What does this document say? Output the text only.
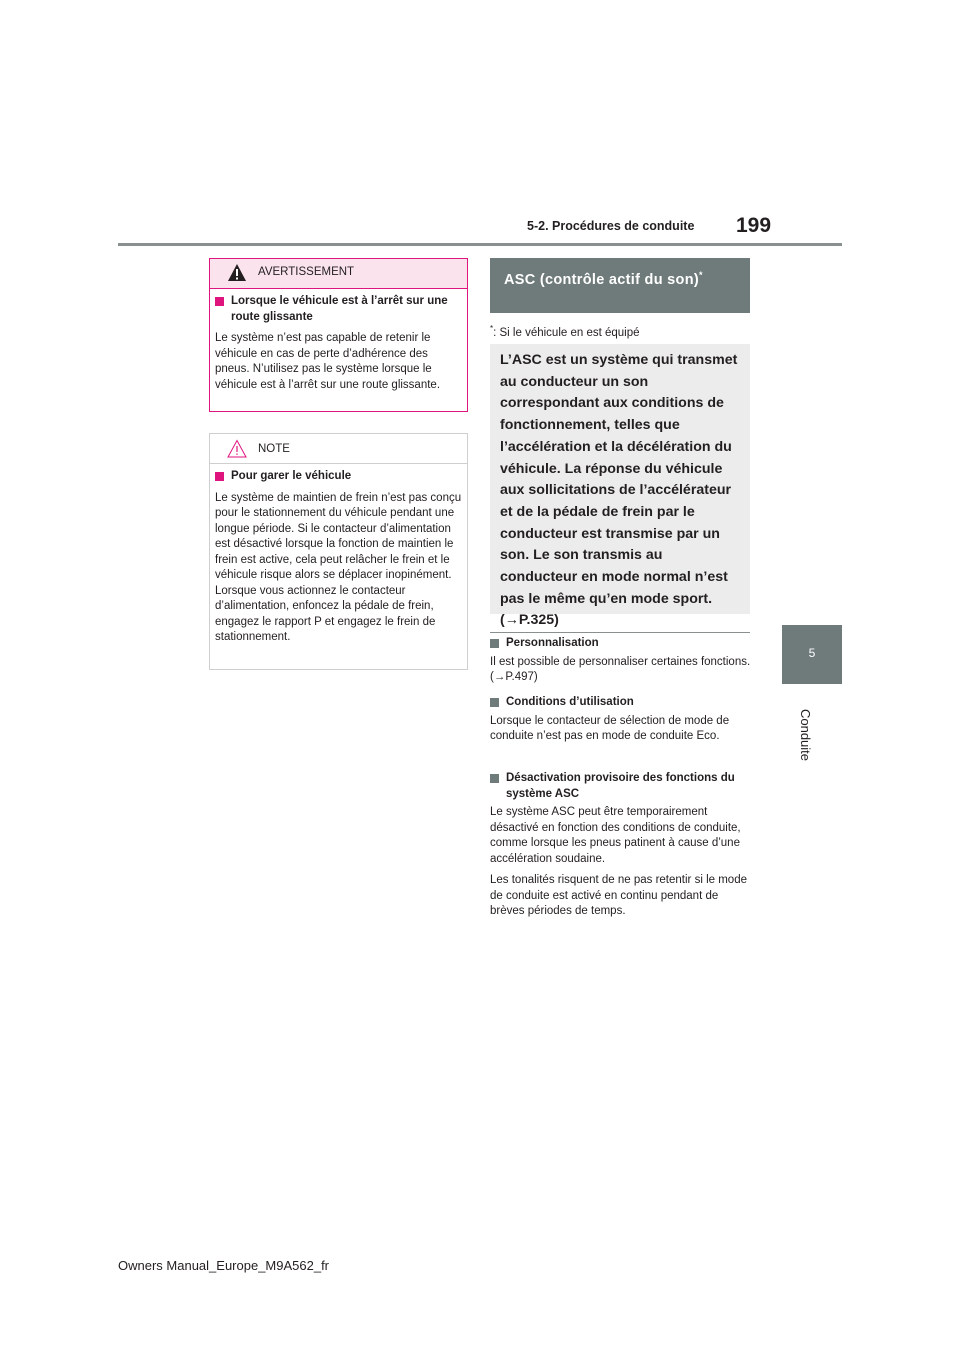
5-2. Procédures de conduite 199
5
Conduite
AVERTISSEMENT
Lorsque le véhicule est à l’arrêt sur une route glissante
Le système n’est pas capable de retenir le véhicule en cas de perte d’adhérence des pneus. N’utilisez pas le système lorsque le véhicule est à l’arrêt sur une route glissante.
NOTE
Pour garer le véhicule
Le système de maintien de frein n’est pas conçu pour le stationnement du véhicule pendant une longue période. Si le contacteur d’alimentation est désactivé lorsque la fonction de maintien le frein est active, cela peut relâcher le frein et le véhicule risque alors se déplacer inopinément. Lorsque vous actionnez le contacteur d’alimentation, enfoncez la pédale de frein, engagez le rapport P et engagez le frein de stationnement.
ASC (contrôle actif du son)*
*: Si le véhicule en est équipé
L’ASC est un système qui transmet au conducteur un son correspondant aux conditions de fonctionnement, telles que l’accélération et la décélération du véhicule. La réponse du véhicule aux sollicitations de l’accélérateur et de la pédale de frein par le conducteur est transmise par un son. Le son transmis au conducteur en mode normal n’est pas le même qu’en mode sport. (→P.325)
Personnalisation

Il est possible de personnaliser certaines fonctions. (→P.497)

Conditions d’utilisation

Lorsque le contacteur de sélection de mode de conduite n’est pas en mode de conduite Eco.

Désactivation provisoire des fonctions du système ASC

Le système ASC peut être temporairement désactivé en fonction des conditions de conduite, comme lorsque les pneus patinent à cause d’une accélération soudaine.

Les tonalités risquent de ne pas retentir si le mode de conduite est activé en continu pendant de brèves périodes de temps.

Owners Manual_Europe_M9A562_fr
